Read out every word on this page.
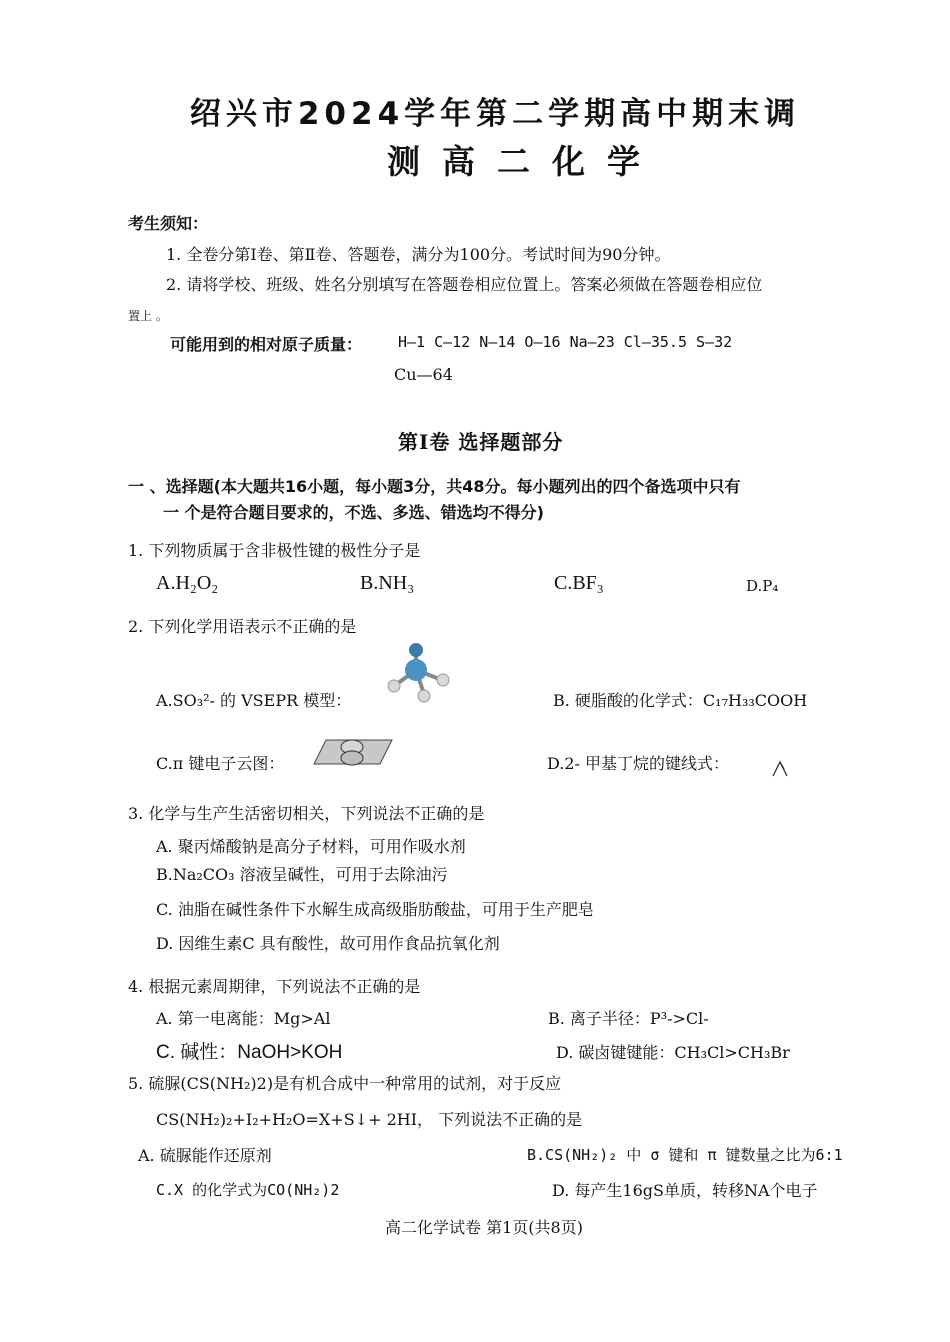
绍兴市2024学年第二学期高中期末调
测高二化学
考生须知：
1. 全卷分第Ⅰ卷、第Ⅱ卷、答题卷，满分为100分。考试时间为90分钟。
2. 请将学校、班级、姓名分别填写在答题卷相应位置上。答案必须做在答题卷相应位
置上 。
可能用到的相对原子质量： H—1 C—12 N—14 O—16 Na—23 Cl—35.5 S—32
Cu—64
第Ⅰ卷 选择题部分
一 、选择题(本大题共16小题，每小题3分，共48分。每小题列出的四个备选项中只有
一 个是符合题目要求的，不选、多选、错选均不得分)
1. 下列物质属于含非极性键的极性分子是
A.H₂O₂	B.NH₃	C.BF₃	D.P₄
2. 下列化学用语表示不正确的是
A.SO₃²- 的 VSEPR 模型：	B. 硬脂酸的化学式：C₁₇H₃₃COOH
C.π 键电子云图：	D.2- 甲基丁烷的键线式：
3. 化学与生产生活密切相关，下列说法不正确的是
A. 聚丙烯酸钠是高分子材料，可用作吸水剂
B.Na₂CO₃ 溶液呈碱性，可用于去除油污
C. 油脂在碱性条件下水解生成高级脂肪酸盐，可用于生产肥皂
D. 因维生素C 具有酸性，故可用作食品抗氧化剂
4. 根据元素周期律，下列说法不正确的是
A. 第一电离能：Mg>Al	B. 离子半径：P³->Cl-
C. 碱性：NaOH>KOH	D. 碳卤键键能：CH₃Cl>CH₃Br
5. 硫脲(CS(NH₂)2)是有机合成中一种常用的试剂，对于反应
CS(NH₂)₂+I₂+H₂O=X+S↓+ 2HI， 下列说法不正确的是
A. 硫脲能作还原剂	B.CS(NH₂)₂ 中 σ 键和 π 键数量之比为6:1
C.X 的化学式为CO(NH₂)2	D. 每产生16gS单质，转移NA个电子
高二化学试卷 第1页(共8页)
